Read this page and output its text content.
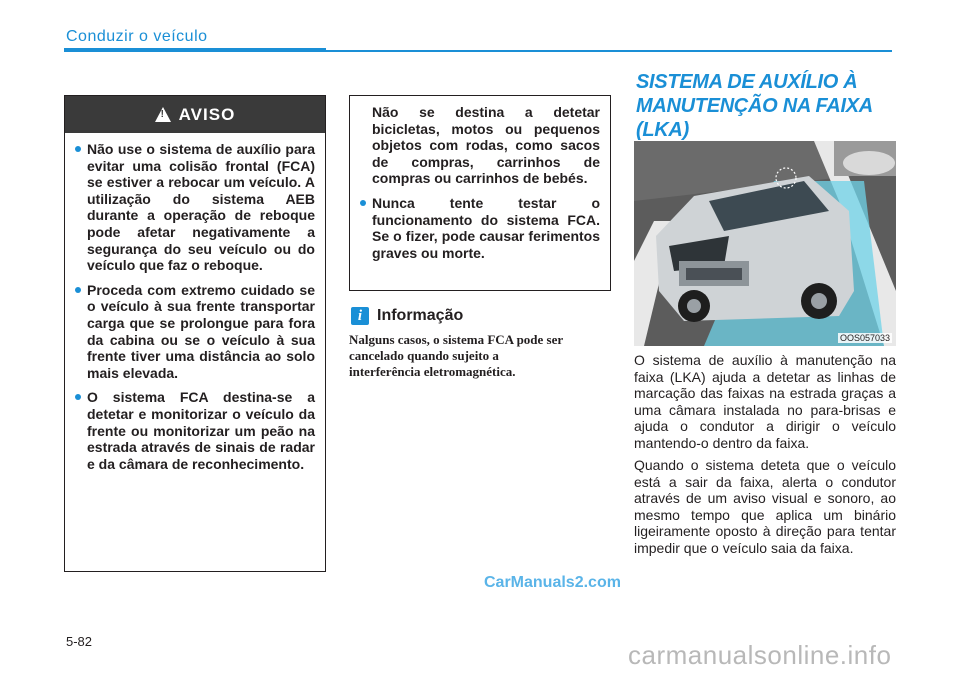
Conduzir o veículo
!
AVISO
Não use o sistema de auxílio para evitar uma colisão frontal (FCA) se estiver a rebocar um veículo. A utilização do sistema AEB durante a operação de reboque pode afetar negativamente a segurança do seu veículo ou do veículo que faz o reboque.
Proceda com extremo cuidado se o veículo à sua frente transportar carga que se prolongue para fora da cabina ou se o veículo à sua frente tiver uma distância ao solo mais elevada.
O sistema FCA destina-se a detetar e monitorizar o veículo da frente ou monitorizar um peão na estrada através de sinais de radar e da câmara de reconhecimento.
Não se destina a detetar bicicletas, motos ou pequenos objetos com rodas, como sacos de compras, carrinhos de compras ou carrinhos de bebés.
Nunca tente testar o funcionamento do sistema FCA. Se o fizer, pode causar ferimentos graves ou morte.
i Informação
Nalguns casos, o sistema FCA pode ser
cancelado quando sujeito a
interferência eletromagnética.
SISTEMA DE AUXÍLIO À
MANUTENÇÃO NA FAIXA
(LKA)
OOS057033

O sistema de auxílio à manutenção na faixa (LKA) ajuda a detetar as linhas de marcação das faixas na estrada graças a uma câmara instalada no para-brisas e ajuda o condutor a dirigir o veículo mantendo-o dentro da faixa.

Quando o sistema deteta que o veículo está a sair da faixa, alerta o condutor através de um aviso visual e sonoro, ao mesmo tempo que aplica um binário ligeiramente oposto à direção para tentar impedir que o veículo saia da faixa.

CarManuals2.com
5-82	carmanualsonline.info
